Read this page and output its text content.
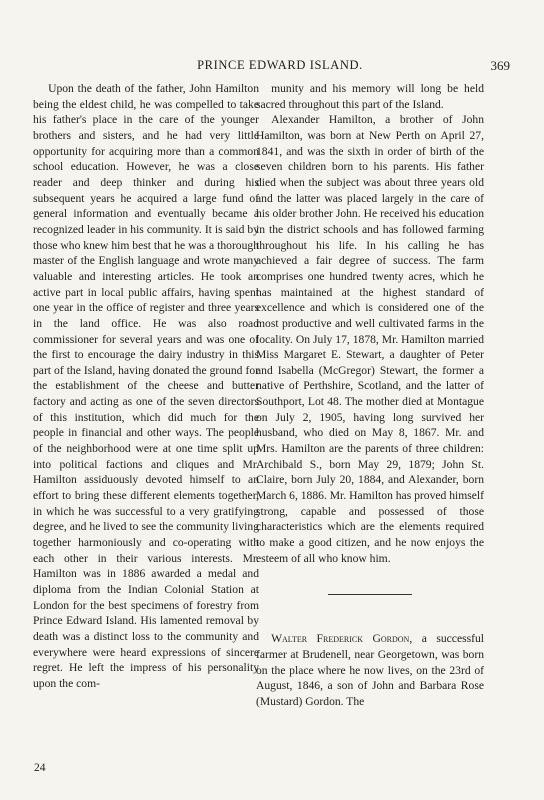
PRINCE EDWARD ISLAND.	369

Upon the death of the father, John Hamilton being the eldest child, he was compelled to take his father's place in the care of the younger brothers and sisters, and he had very little opportunity for acquiring more than a common school education. However, he was a close reader and deep thinker and during his subsequent years he acquired a large fund of general information and eventually became a recognized leader in his community. It is said by those who knew him best that he was a thorough master of the English language and wrote many valuable and interesting articles. He took an active part in local public affairs, having spent one year in the office of register and three years in the land office. He was also road commissioner for several years and was one of the first to encourage the dairy industry in this part of the Island, having donated the ground for the establishment of the cheese and butter factory and acting as one of the seven directors of this institution, which did much for the people in financial and other ways. The people of the neighborhood were at one time split up into political factions and cliques and Mr. Hamilton assiduously devoted himself to an effort to bring these different elements together, in which he was successful to a very gratifying degree, and he lived to see the community living together harmoniously and co-operating with each other in their various interests. Mr. Hamilton was in 1886 awarded a medal and diploma from the Indian Colonial Station at London for the best specimens of forestry from Prince Edward Island. His lamented removal by death was a distinct loss to the community and everywhere were heard expressions of sincere regret. He left the impress of his personality upon the com-

munity and his memory will long be held sacred throughout this part of the Island.

Alexander Hamilton, a brother of John Hamilton, was born at New Perth on April 27, 1841, and was the sixth in order of birth of the seven children born to his parents. His father died when the subject was about three years old and the latter was placed largely in the care of his older brother John. He received his education in the district schools and has followed farming throughout his life. In his calling he has achieved a fair degree of success. The farm comprises one hundred twenty acres, which he has maintained at the highest standard of excellence and which is considered one of the most productive and well cultivated farms in the locality. On July 17, 1878, Mr. Hamilton married Miss Margaret E. Stewart, a daughter of Peter and Isabella (McGregor) Stewart, the former a native of Perthshire, Scotland, and the latter of Southport, Lot 48. The mother died at Montague on July 2, 1905, having long survived her husband, who died on May 8, 1867. Mr. and Mrs. Hamilton are the parents of three children: Archibald S., born May 29, 1879; John St. Claire, born July 20, 1884, and Alexander, born March 6, 1886. Mr. Hamilton has proved himself strong, capable and possessed of those characteristics which are the elements required to make a good citizen, and he now enjoys the esteem of all who know him.

Walter Frederick Gordon, a successful farmer at Brudenell, near Georgetown, was born on the place where he now lives, on the 23rd of August, 1846, a son of John and Barbara Rose (Mustard) Gordon. The

24
